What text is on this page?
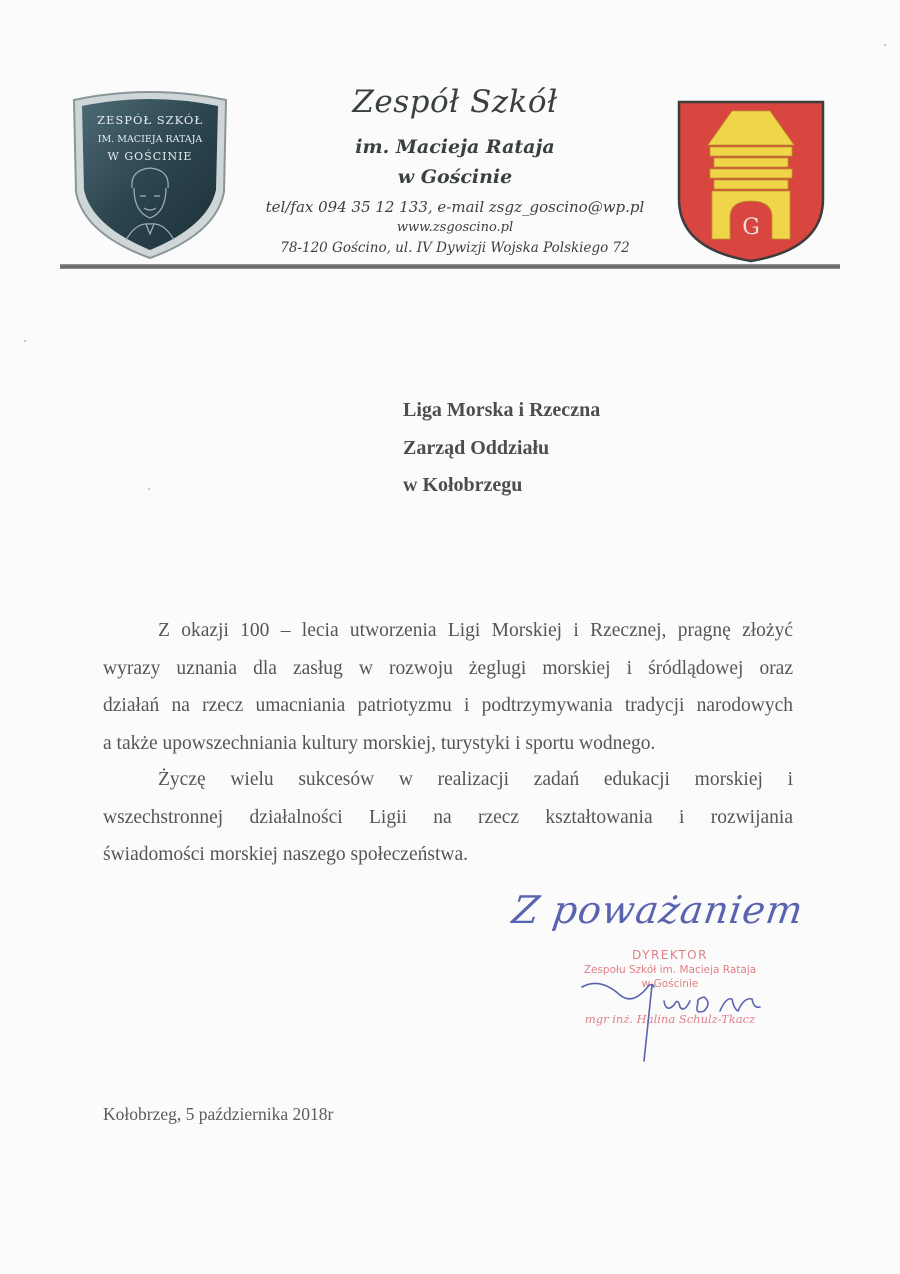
ZESPÓŁ SZKÓŁ
IM. MACIEJA RATAJA
W GOŚCINIE
Zespół Szkół
im. Macieja Rataja
w Gościnie
tel/fax 094 35 12 133, e-mail zsgz_goscino@wp.pl
www.zsgoscino.pl
78-120 Gościno, ul. IV Dywizji Wojska Polskiego 72
G
Liga Morska i Rzeczna
Zarząd Oddziału
w Kołobrzegu
Z okazji 100 – lecia utworzenia Ligi Morskiej i Rzecznej, pragnę złożyć
wyrazy uznania dla zasług w rozwoju żeglugi morskiej i śródlądowej oraz
działań na rzecz umacniania patriotyzmu i podtrzymywania tradycji narodowych
a także upowszechniania kultury morskiej, turystyki i sportu wodnego.
Życzę wielu sukcesów w realizacji zadań edukacji morskiej i
wszechstronnej działalności Ligii na rzecz kształtowania i rozwijania
świadomości morskiej naszego społeczeństwa.
Z poważaniem
DYREKTOR
Zespołu Szkół im. Macieja Rataja
w Gościnie
mgr inż. Halina Schulz-Tkacz
Kołobrzeg, 5 października 2018r
